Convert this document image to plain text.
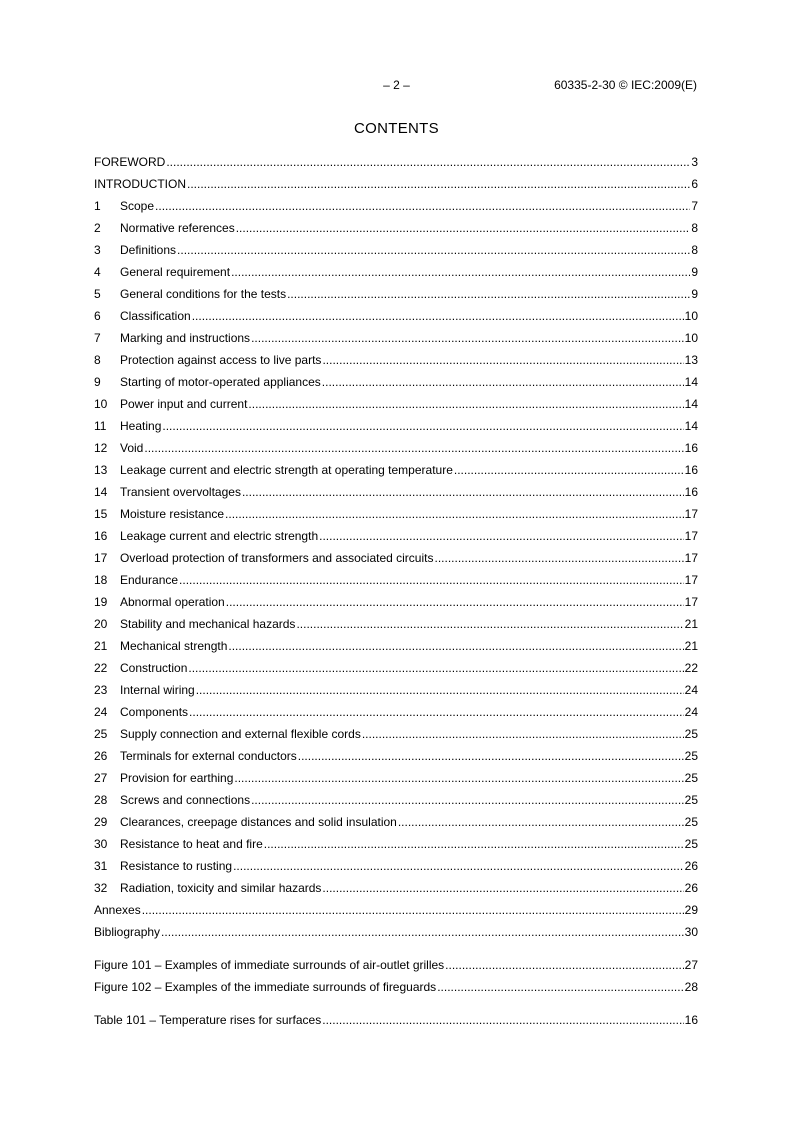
– 2 –	60335-2-30 © IEC:2009(E)
CONTENTS
FOREWORD .....	3
INTRODUCTION .....	6
1	Scope .....	7
2	Normative references .....	8
3	Definitions .....	8
4	General requirement .....	9
5	General conditions for the tests .....	9
6	Classification .....	10
7	Marking and instructions .....	10
8	Protection against access to live parts .....	13
9	Starting of motor-operated appliances .....	14
10	Power input and current .....	14
11	Heating .....	14
12	Void .....	16
13	Leakage current and electric strength at operating temperature .....	16
14	Transient overvoltages .....	16
15	Moisture resistance .....	17
16	Leakage current and electric strength .....	17
17	Overload protection of transformers and associated circuits .....	17
18	Endurance .....	17
19	Abnormal operation .....	17
20	Stability and mechanical hazards .....	21
21	Mechanical strength .....	21
22	Construction .....	22
23	Internal wiring .....	24
24	Components .....	24
25	Supply connection and external flexible cords .....	25
26	Terminals for external conductors .....	25
27	Provision for earthing .....	25
28	Screws and connections .....	25
29	Clearances, creepage distances and solid insulation .....	25
30	Resistance to heat and fire .....	25
31	Resistance to rusting .....	26
32	Radiation, toxicity and similar hazards .....	26
Annexes .....	29
Bibliography .....	30
Figure 101 – Examples of immediate surrounds of air-outlet grilles .....	27
Figure 102 – Examples of the immediate surrounds of fireguards .....	28
Table 101 – Temperature rises for surfaces .....	16
